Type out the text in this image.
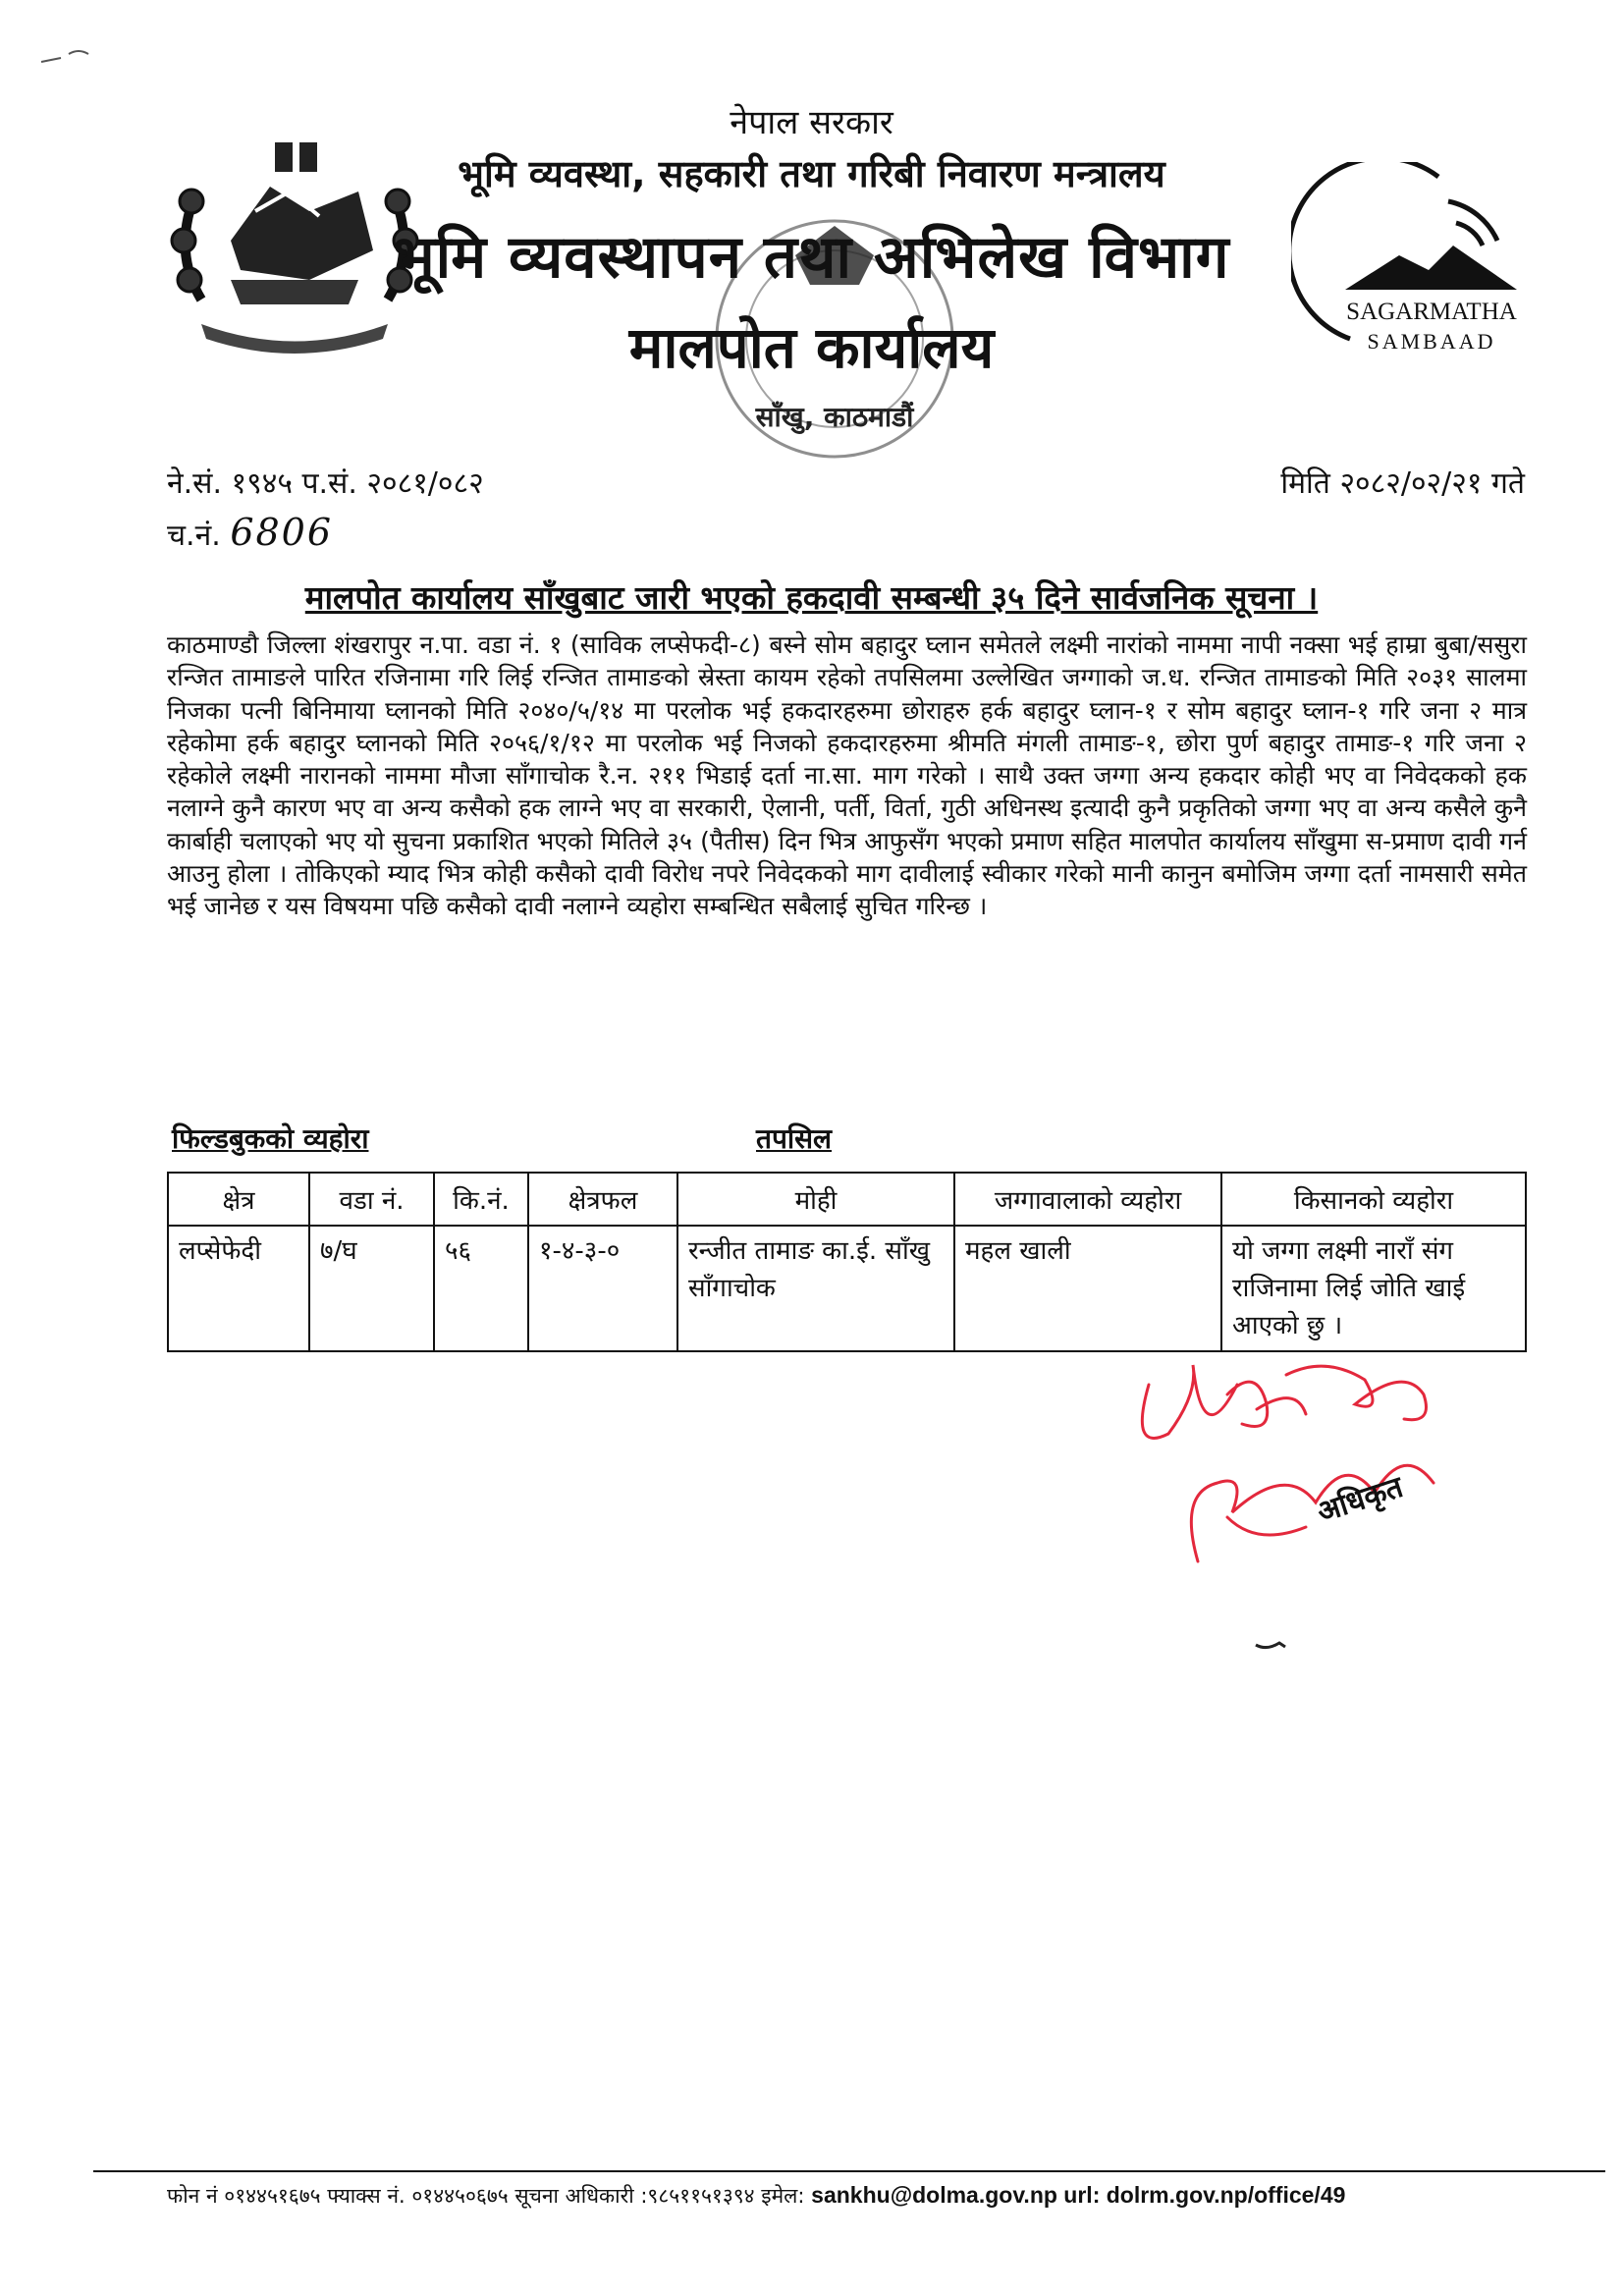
नेपाल सरकार
भूमि व्यवस्था, सहकारी तथा गरिबी निवारण मन्त्रालय
भूमि व्यवस्थापन तथा अभिलेख विभाग
मालपोत कार्यालय
साँखु, काठमाडौं
SAGARMATHA
SAMBAAD
ने.सं. १९४५ प.सं. २०८१/०८२
च.नं. 6806
मिति २०८२/०२/२१ गते
मालपोत कार्यालय साँखुबाट जारी भएको हकदावी सम्बन्धी ३५ दिने सार्वजनिक सूचना ।
काठमाण्डौ जिल्ला शंखरापुर न.पा. वडा नं. १ (साविक लप्सेफदी-८) बस्ने सोम बहादुर घ्लान समेतले लक्ष्मी नारांको नाममा नापी नक्सा भई हाम्रा बुबा/ससुरा रन्जित तामाङले पारित रजिनामा गरि लिई रन्जित तामाङको स्रेस्ता कायम रहेको तपसिलमा उल्लेखित जग्गाको ज.ध. रन्जित तामाङको मिति २०३१ सालमा निजका पत्नी बिनिमाया घ्लानको मिति २०४०/५/१४ मा परलोक भई हकदारहरुमा छोराहरु हर्क बहादुर घ्लान-१ र सोम बहादुर घ्लान-१ गरि जना २ मात्र रहेकोमा हर्क बहादुर घ्लानको मिति २०५६/१/१२ मा परलोक भई निजको हकदारहरुमा श्रीमति मंगली तामाङ-१, छोरा पुर्ण बहादुर तामाङ-१ गरि जना २ रहेकोले लक्ष्मी नारानको नाममा मौजा साँगाचोक रै.न. २११ भिडाई दर्ता ना.सा. माग गरेको । साथै उक्त जग्गा अन्य हकदार कोही भए वा निवेदकको हक नलाग्ने कुनै कारण भए वा अन्य कसैको हक लाग्ने भए वा सरकारी, ऐलानी, पर्ती, विर्ता, गुठी अधिनस्थ इत्यादी कुनै प्रकृतिको जग्गा भए वा अन्य कसैले कुनै कार्बाही चलाएको भए यो सुचना प्रकाशित भएको मितिले ३५ (पैतीस) दिन भित्र आफुसँग भएको प्रमाण सहित मालपोत कार्यालय साँखुमा स-प्रमाण दावी गर्न आउनु होला । तोकिएको म्याद भित्र कोही कसैको दावी विरोध नपरे निवेदकको माग दावीलाई स्वीकार गरेको मानी कानुन बमोजिम जग्गा दर्ता नामसारी समेत भई जानेछ र यस विषयमा पछि कसैको दावी नलाग्ने व्यहोरा सम्बन्धित सबैलाई सुचित गरिन्छ ।
फिल्डबुकको व्यहोरा	तपसिल
क्षेत्र	वडा नं.	कि.नं.	क्षेत्रफल	मोही	जग्गावालाको व्यहोरा	किसानको व्यहोरा
लप्सेफेदी	७/घ	५६	१-४-३-०	रन्जीत तामाङ का.ई. साँखु साँगाचोक	महल खाली	यो जग्गा लक्ष्मी नाराँ संग राजिनामा लिई जोति खाई आएको छु ।
अधिकृत
फोन नं ०१४४५१६७५ फ्याक्स नं. ०१४४५०६७५ सूचना अधिकारी :९८५११५१३९४ इमेल: sankhu@dolma.gov.np url: dolrm.gov.np/office/49
